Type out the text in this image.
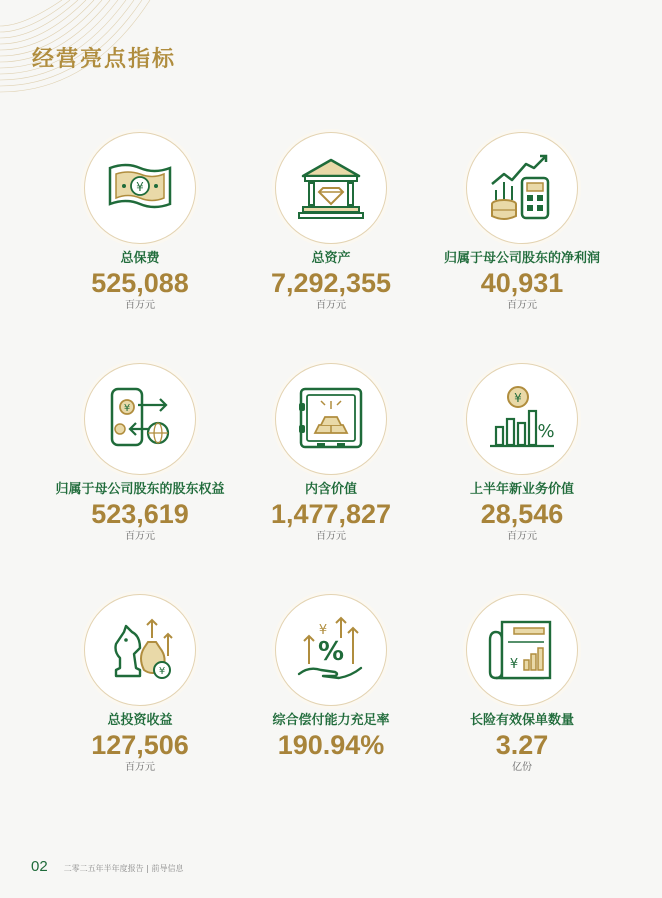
经营亮点指标
¥
总保费
525,088
百万元
总资产
7,292,355
百万元
归属于母公司股东的净利润
40,931
百万元
¥
归属于母公司股东的股东权益
523,619
百万元
内含价值
1,477,827
百万元
¥
%
上半年新业务价值
28,546
百万元
¥
总投资收益
127,506
百万元
¥
%
综合偿付能力充足率
190.94%
¥
长险有效保单数量
3.27
亿份
02 二零二五年半年度报告 | 前导信息
